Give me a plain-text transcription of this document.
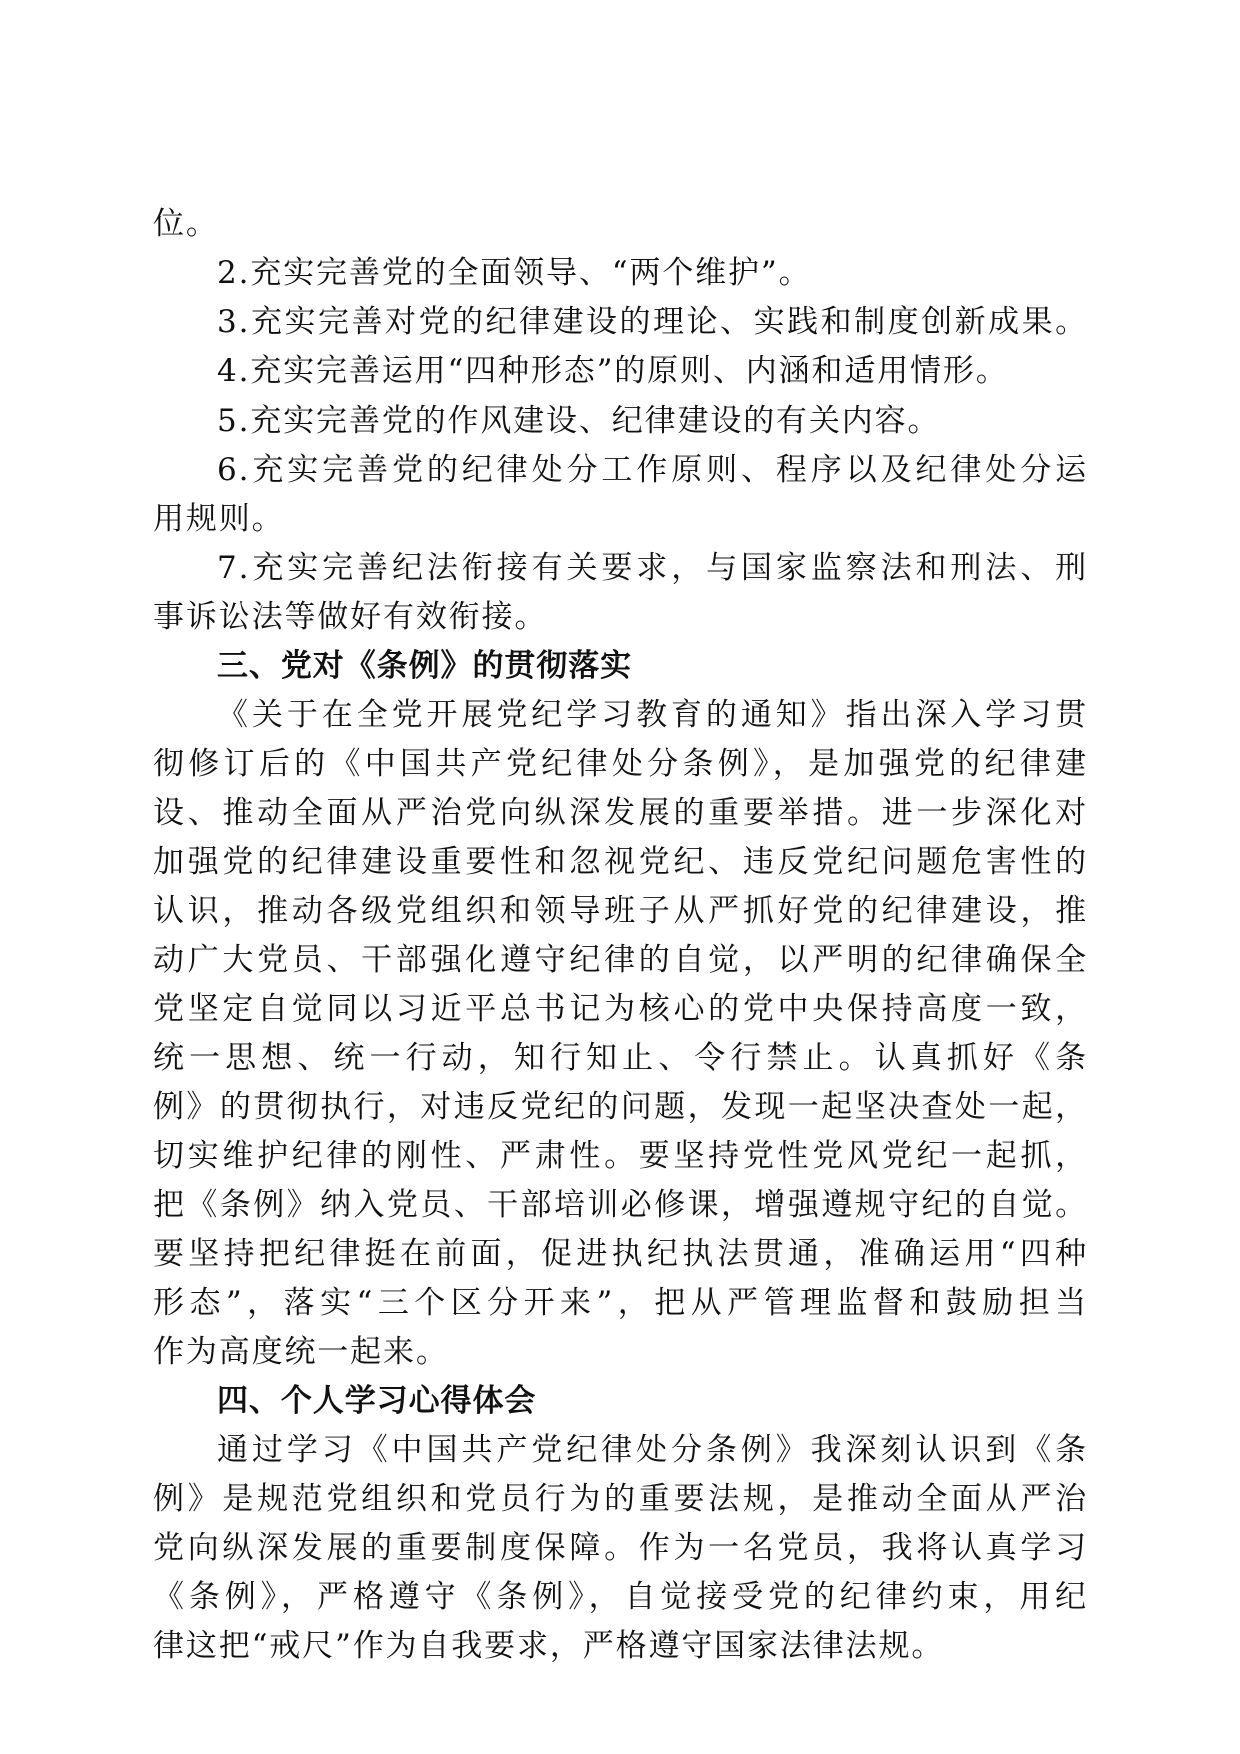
位。
2.充实完善党的全面领导、“两个维护”。
3.充实完善对党的纪律建设的理论、实践和制度创新成果。
4.充实完善运用“四种形态”的原则、内涵和适用情形。
5.充实完善党的作风建设、纪律建设的有关内容。
6.充实完善党的纪律处分工作原则、程序以及纪律处分运
用规则。
7.充实完善纪法衔接有关要求，与国家监察法和刑法、刑
事诉讼法等做好有效衔接。
三、党对《条例》的贯彻落实
《关于在全党开展党纪学习教育的通知》指出深入学习贯
彻修订后的《中国共产党纪律处分条例》，是加强党的纪律建
设、推动全面从严治党向纵深发展的重要举措。进一步深化对
加强党的纪律建设重要性和忽视党纪、违反党纪问题危害性的
认识，推动各级党组织和领导班子从严抓好党的纪律建设，推
动广大党员、干部强化遵守纪律的自觉，以严明的纪律确保全
党坚定自觉同以习近平总书记为核心的党中央保持高度一致，
统一思想、统一行动，知行知止、令行禁止。认真抓好《条
例》的贯彻执行，对违反党纪的问题，发现一起坚决查处一起，
切实维护纪律的刚性、严肃性。要坚持党性党风党纪一起抓，
把《条例》纳入党员、干部培训必修课，增强遵规守纪的自觉。
要坚持把纪律挺在前面，促进执纪执法贯通，准确运用“四种
形态”，落实“三个区分开来”，把从严管理监督和鼓励担当
作为高度统一起来。
四、个人学习心得体会
通过学习《中国共产党纪律处分条例》我深刻认识到《条
例》是规范党组织和党员行为的重要法规，是推动全面从严治
党向纵深发展的重要制度保障。作为一名党员，我将认真学习
《条例》，严格遵守《条例》，自觉接受党的纪律约束，用纪
律这把“戒尺”作为自我要求，严格遵守国家法律法规。
